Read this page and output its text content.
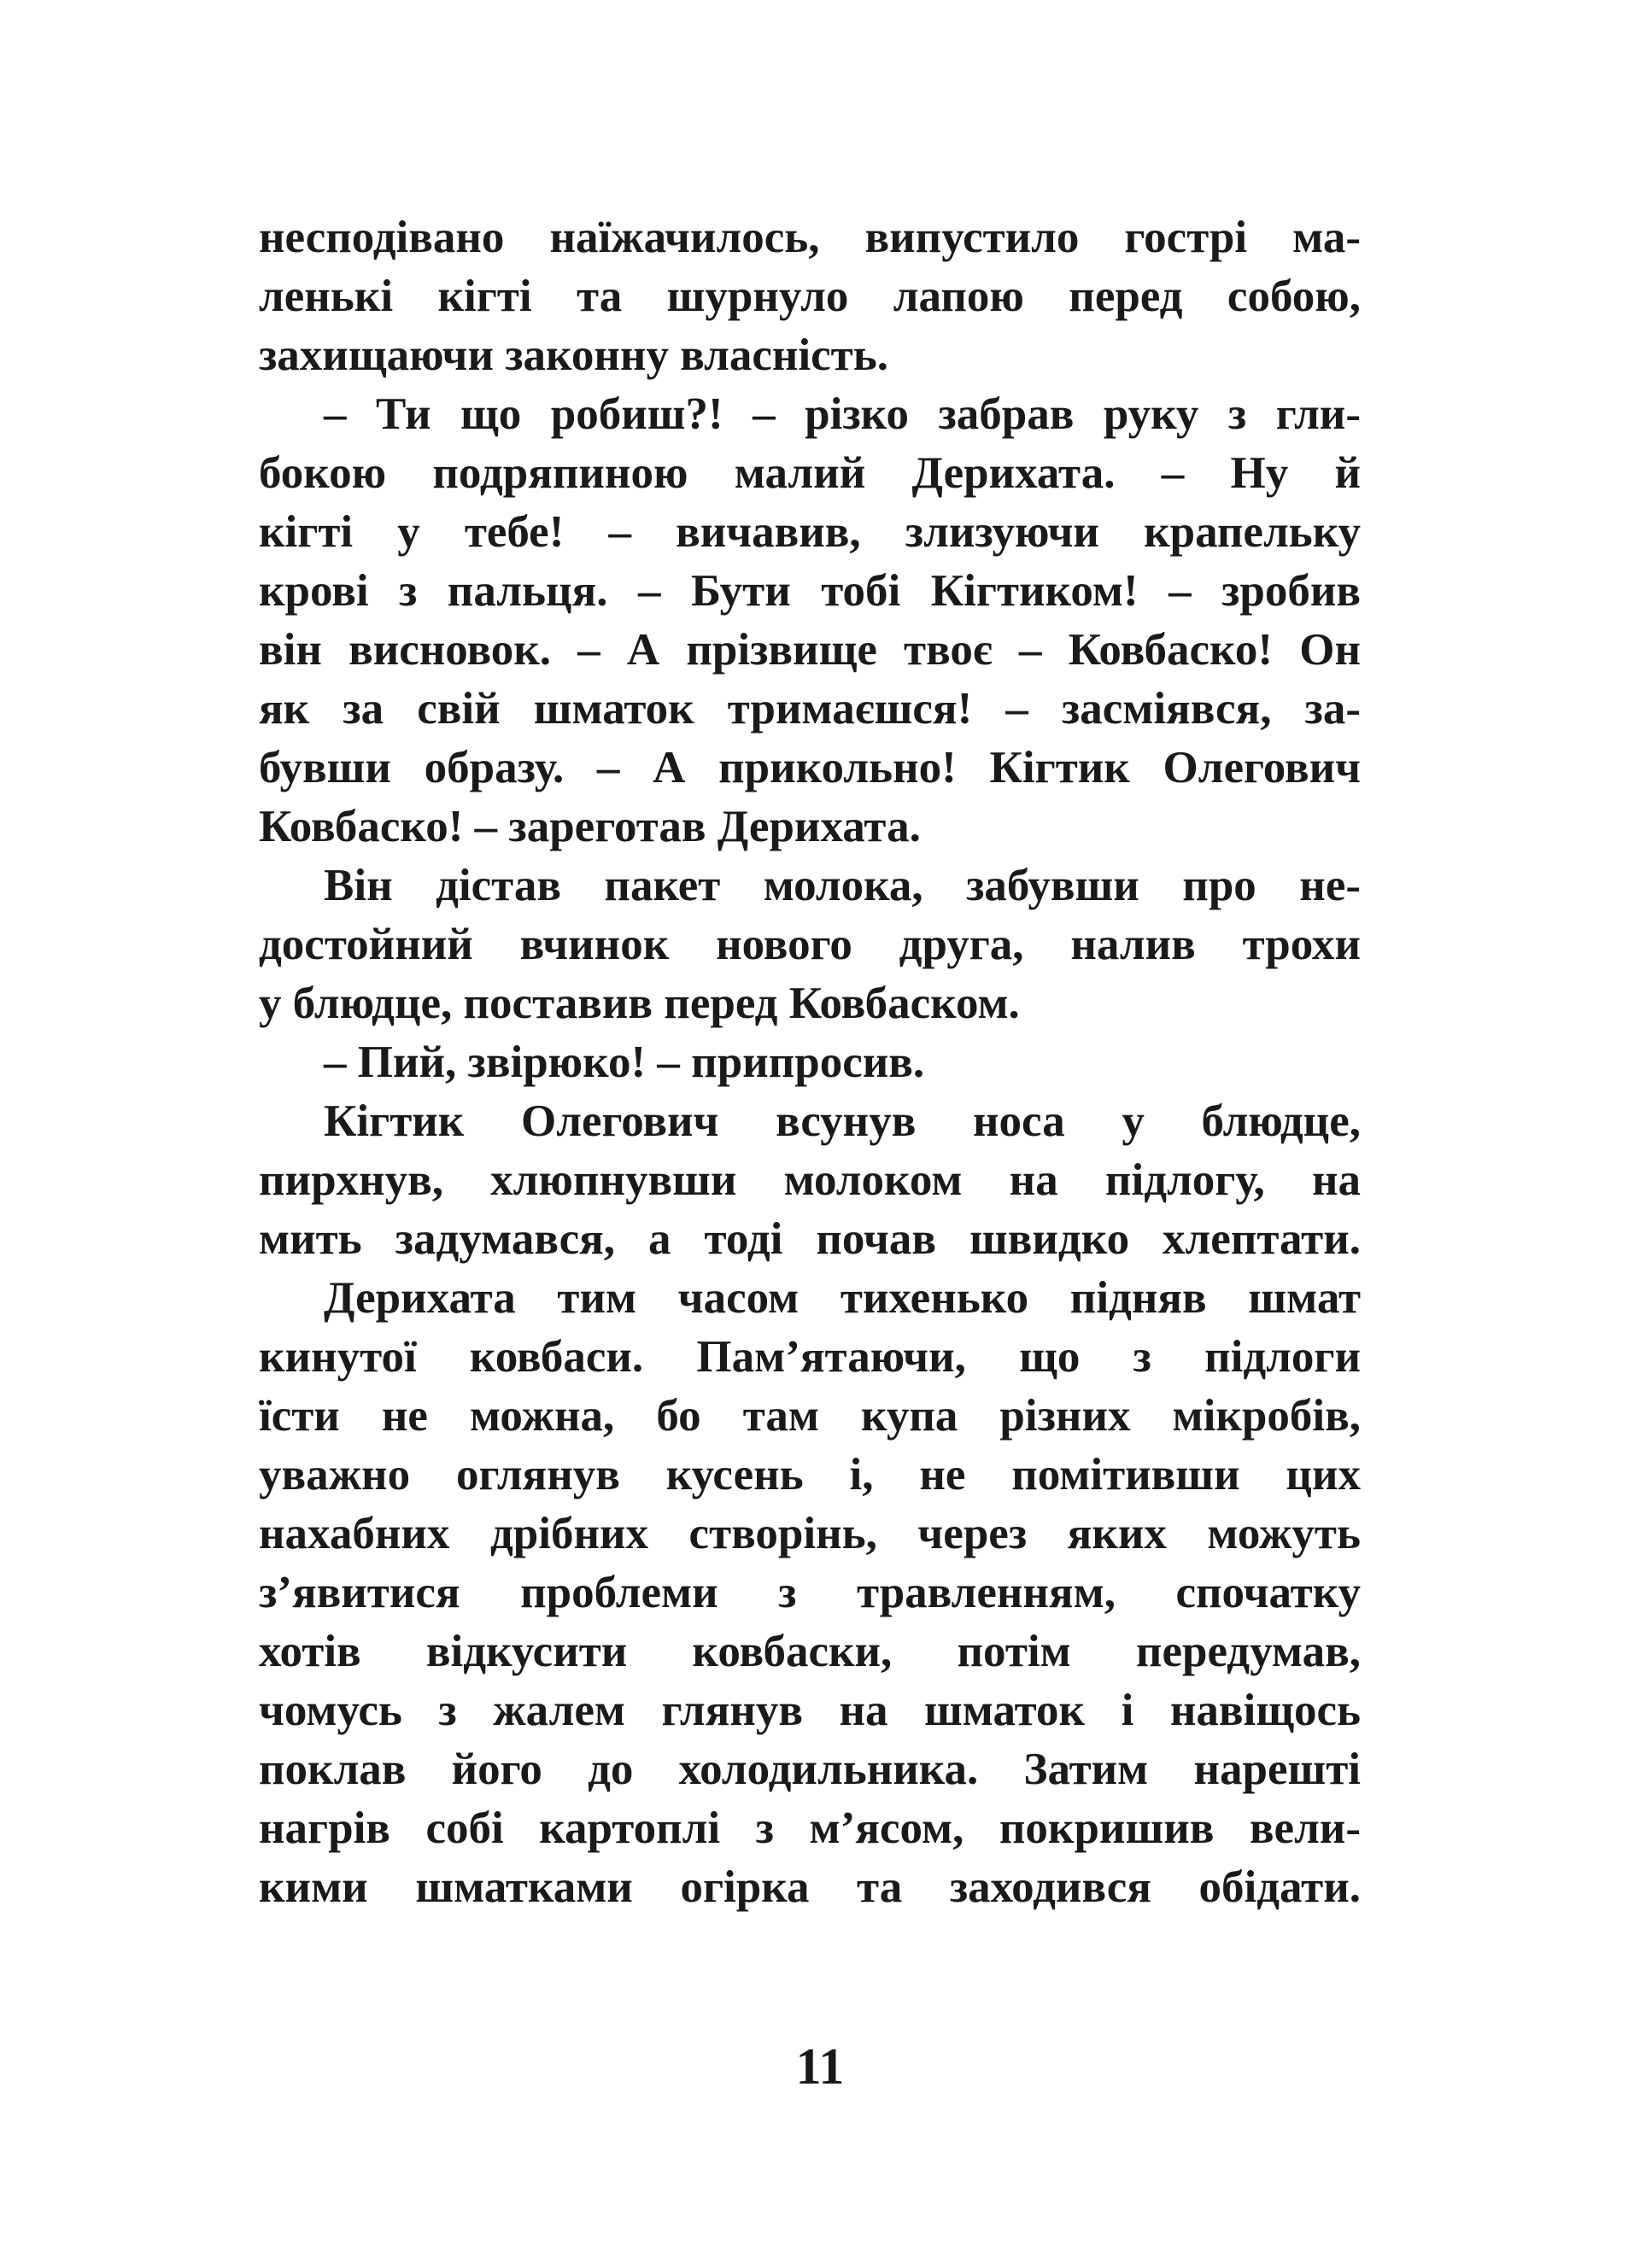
несподівано наїжачилось, випустило гострі ма-
ленькі кігті та шурнуло лапою перед собою,
захищаючи законну власність.
– Ти що робиш?! – різко забрав руку з гли-
бокою подряпиною малий Дерихата. – Ну й
кігті у тебе! – вичавив, злизуючи крапельку
крові з пальця. – Бути тобі Кігтиком! – зробив
він висновок. – А прізвище твоє – Ковбаско! Он
як за свій шматок тримаєшся! – засміявся, за-
бувши образу. – А прикольно! Кігтик Олегович
Ковбаско! – зареготав Дерихата.
Він дістав пакет молока, забувши про не-
достойний вчинок нового друга, налив трохи
у блюдце, поставив перед Ковбаском.
– Пий, звірюко! – припросив.
Кігтик Олегович всунув носа у блюдце,
пирхнув, хлюпнувши молоком на підлогу, на
мить задумався, а тоді почав швидко хлептати.
Дерихата тим часом тихенько підняв шмат
кинутої ковбаси. Пам’ятаючи, що з підлоги
їсти не можна, бо там купа різних мікробів,
уважно оглянув кусень і, не помітивши цих
нахабних дрібних створінь, через яких можуть
з’явитися проблеми з травленням, спочатку
хотів відкусити ковбаски, потім передумав,
чомусь з жалем глянув на шматок і навіщось
поклав його до холодильника. Затим нарешті
нагрів собі картоплі з м’ясом, покришив вели-
кими шматками огірка та заходився обідати.
11
